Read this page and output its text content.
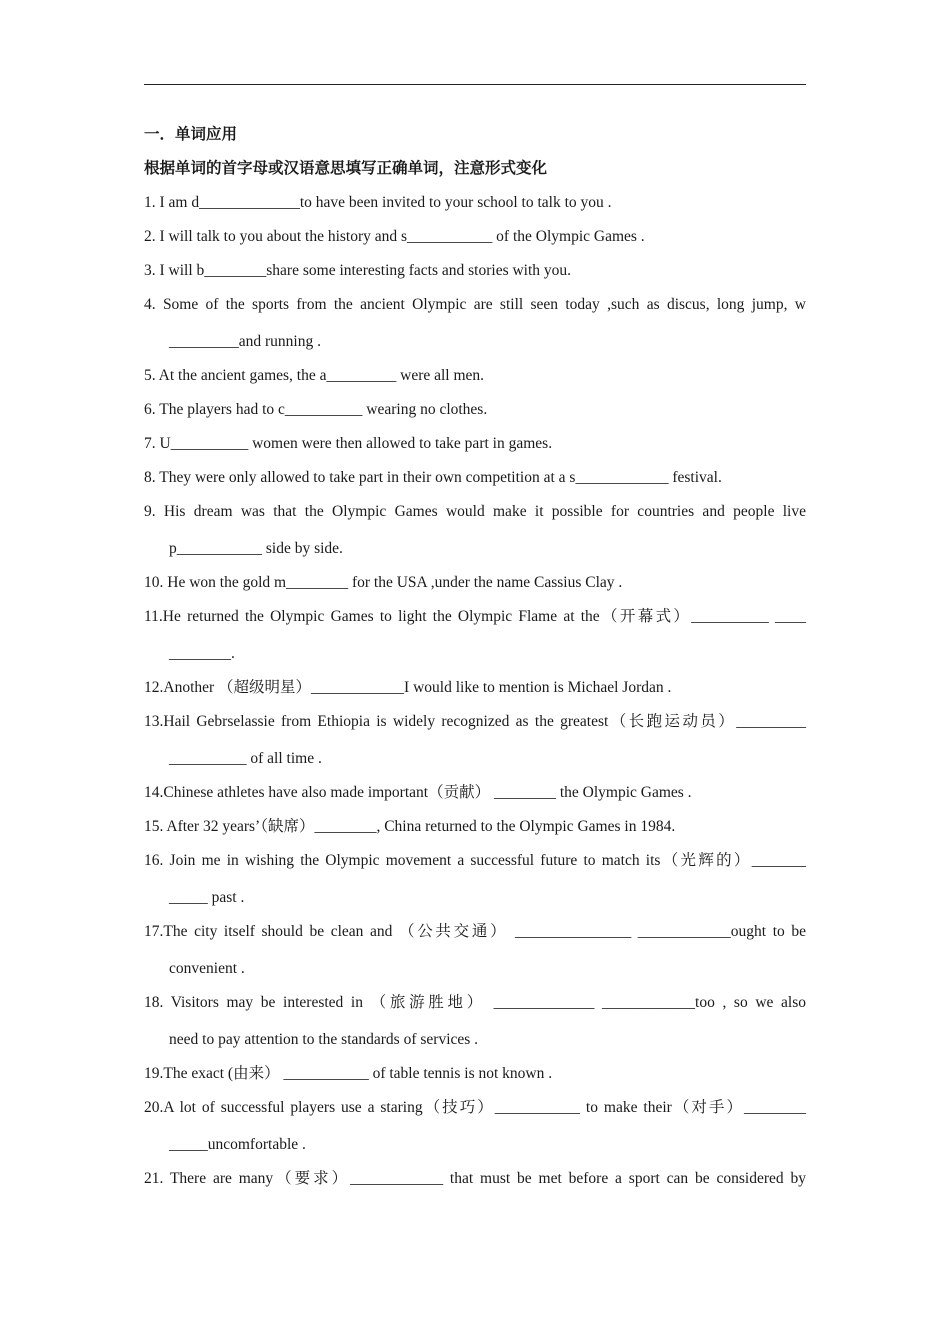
一．单词应用
根据单词的首字母或汉语意思填写正确单词，注意形式变化
1. I am d_____________to have been invited to your school to talk to you .
2. I will talk to you about the history and s___________ of the Olympic Games .
3. I will b________share some interesting facts and stories with you.
4. Some of the sports from the ancient Olympic are still seen today ,such as discus, long jump, w
_________and running .
5. At the ancient games, the a_________ were all men.
6. The players had to c__________ wearing no clothes.
7. U__________ women were then allowed to take part in games.
8. They were only allowed to take part in their own competition at a s____________ festival.
9. His dream was that the Olympic Games would make it possible for countries and people live
p___________ side by side.
10. He won the gold m________ for the USA ,under the name Cassius Clay .
11.He returned the Olympic Games to light the Olympic Flame at the（开幕式）__________ ____
________.
12.Another （超级明星）____________I would like to mention is Michael Jordan .
13.Hail Gebrselassie from Ethiopia is widely recognized as the greatest（长跑运动员）_________
__________ of all time .
14.Chinese athletes have also made important（贡献） ________ the Olympic Games .
15. After 32 years’（缺席）________, China returned to the Olympic Games in 1984.
16. Join me in wishing the Olympic movement a successful future to match its（光辉的）_______
_____ past .
17.The city itself should be clean and （公共交通） _______________ ____________ought to be
convenient .
18. Visitors may be interested in （旅游胜地） _____________ ____________too , so we also
need to pay attention to the standards of services .
19.The exact (由来） ___________ of table tennis is not known .
20.A lot of successful players use a staring（技巧）___________ to make their（对手）________
_____uncomfortable .
21. There are many（要求）____________ that must be met before a sport can be considered by
